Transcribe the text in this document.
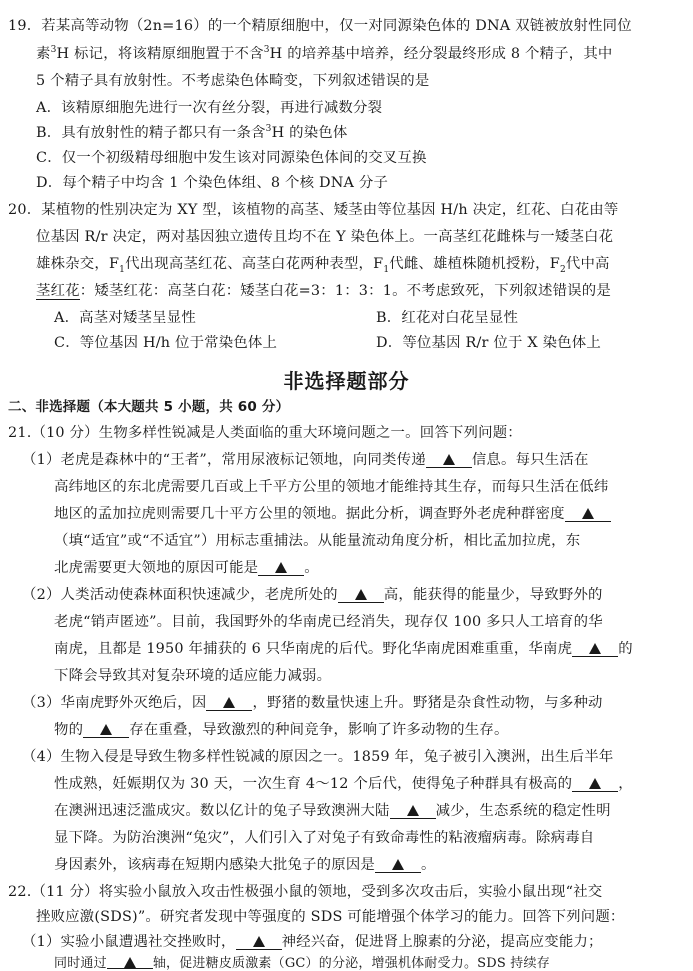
19．若某高等动物（2n=16）的一个精原细胞中，仅一对同源染色体的 DNA 双链被放射性同位
素$^3$H 标记，将该精原细胞置于不含$^3$H 的培养基中培养，经分裂最终形成 8 个精子，其中
5 个精子具有放射性。不考虑染色体畸变，下列叙述错误的是
A．该精原细胞先进行一次有丝分裂，再进行减数分裂
B．具有放射性的精子都只有一条含$^3$H 的染色体
C．仅一个初级精母细胞中发生该对同源染色体间的交叉互换
D．每个精子中均含 1 个染色体组、8 个核 DNA 分子
20．某植物的性别决定为 XY 型，该植物的高茎、矮茎由等位基因 H/h 决定，红花、白花由等
位基因 R/r 决定，两对基因独立遗传且均不在 Y 染色体上。一高茎红花雌株与一矮茎白花
雄株杂交，$F_1$代出现高茎红花、高茎白花两种表型，$F_1$代雌、雄植株随机授粉，$F_2$代中高
茎红花：矮茎红花：高茎白花：矮茎白花=3：1：3：1。不考虑致死，下列叙述错误的是
A．高茎对矮茎呈显性	B．红花对白花呈显性
C．等位基因 H/h 位于常染色体上	D．等位基因 R/r 位于 X 染色体上
非选择题部分
二、非选择题（本大题共 5 小题，共 60 分）
21.（10 分）生物多样性锐减是人类面临的重大环境问题之一。回答下列问题：
（1）老虎是森林中的“王者”，常用尿液标记领地，向同类传递	信息。每只生活在
高纬地区的东北虎需要几百或上千平方公里的领地才能维持其生存，而每只生活在低纬
地区的孟加拉虎则需要几十平方公里的领地。据此分析，调查野外老虎种群密度
（填“适宜”或“不适宜”）用标志重捕法。从能量流动角度分析，相比孟加拉虎，东
北虎需要更大领地的原因可能是	。
（2）人类活动使森林面积快速减少，老虎所处的	高，能获得的能量少，导致野外的
老虎“销声匿迹”。目前，我国野外的华南虎已经消失，现存仅 100 多只人工培育的华
南虎，且都是 1950 年捕获的 6 只华南虎的后代。野化华南虎困难重重，华南虎	的
下降会导致其对复杂环境的适应能力减弱。
（3）华南虎野外灭绝后，因	，野猪的数量快速上升。野猪是杂食性动物，与多种动
物的	存在重叠，导致激烈的种间竞争，影响了许多动物的生存。
（4）生物入侵是导致生物多样性锐减的原因之一。1859 年，兔子被引入澳洲，出生后半年
性成熟，妊娠期仅为 30 天，一次生育 4～12 个后代，使得兔子种群具有极高的	，
在澳洲迅速泛滥成灾。数以亿计的兔子导致澳洲大陆	减少，生态系统的稳定性明
显下降。为防治澳洲“兔灾”，人们引入了对兔子有致命毒性的粘液瘤病毒。除病毒自
身因素外，该病毒在短期内感染大批兔子的原因是	。
22.（11 分）将实验小鼠放入攻击性极强小鼠的领地，受到多次攻击后，实验小鼠出现“社交
挫败应激(SDS)”。研究者发现中等强度的 SDS 可能增强个体学习的能力。回答下列问题：
（1）实验小鼠遭遇社交挫败时，	神经兴奋，促进肾上腺素的分泌，提高应变能力；
同时通过	轴，促进糖皮质激素（GC）的分泌，增强机体耐受力。SDS 持续存
